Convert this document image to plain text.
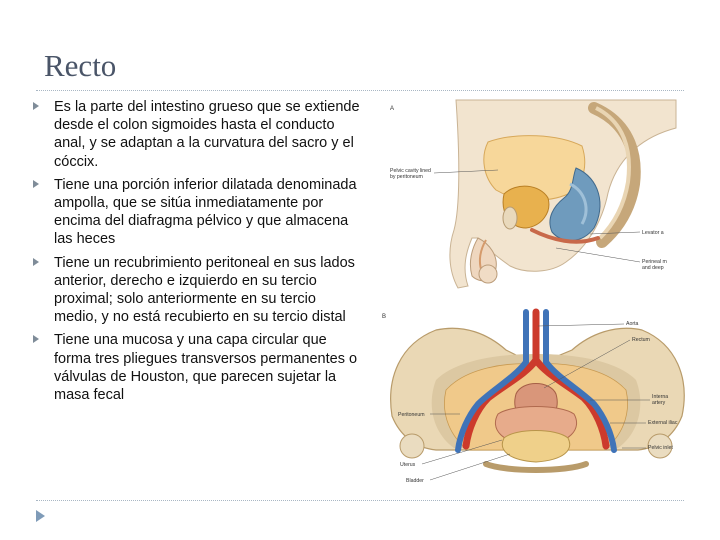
Recto
Es la parte del intestino grueso que se extiende desde el colon sigmoides hasta el conducto anal, y se adaptan a la curvatura del sacro y el cóccix.
Tiene una porción inferior dilatada denominada ampolla, que se sitúa inmediatamente por encima del diafragma pélvico y que almacena las heces
Tiene un recubrimiento peritoneal en sus lados anterior, derecho e izquierdo en su tercio proximal; solo anteriormente en su tercio medio, y no está recubierto en su tercio distal
Tiene una mucosa y una capa circular que forma tres pliegues transversos permanentes o válvulas de Houston, que parecen sujetar la masa fecal
A
Pelvic cavity lined
by peritoneum
Levator a
Perineal m
and deep
B
Aorta
Rectum
Interna
artery
Peritoneum
External iliac
Uterus
Pelvic inlet
Bladder
